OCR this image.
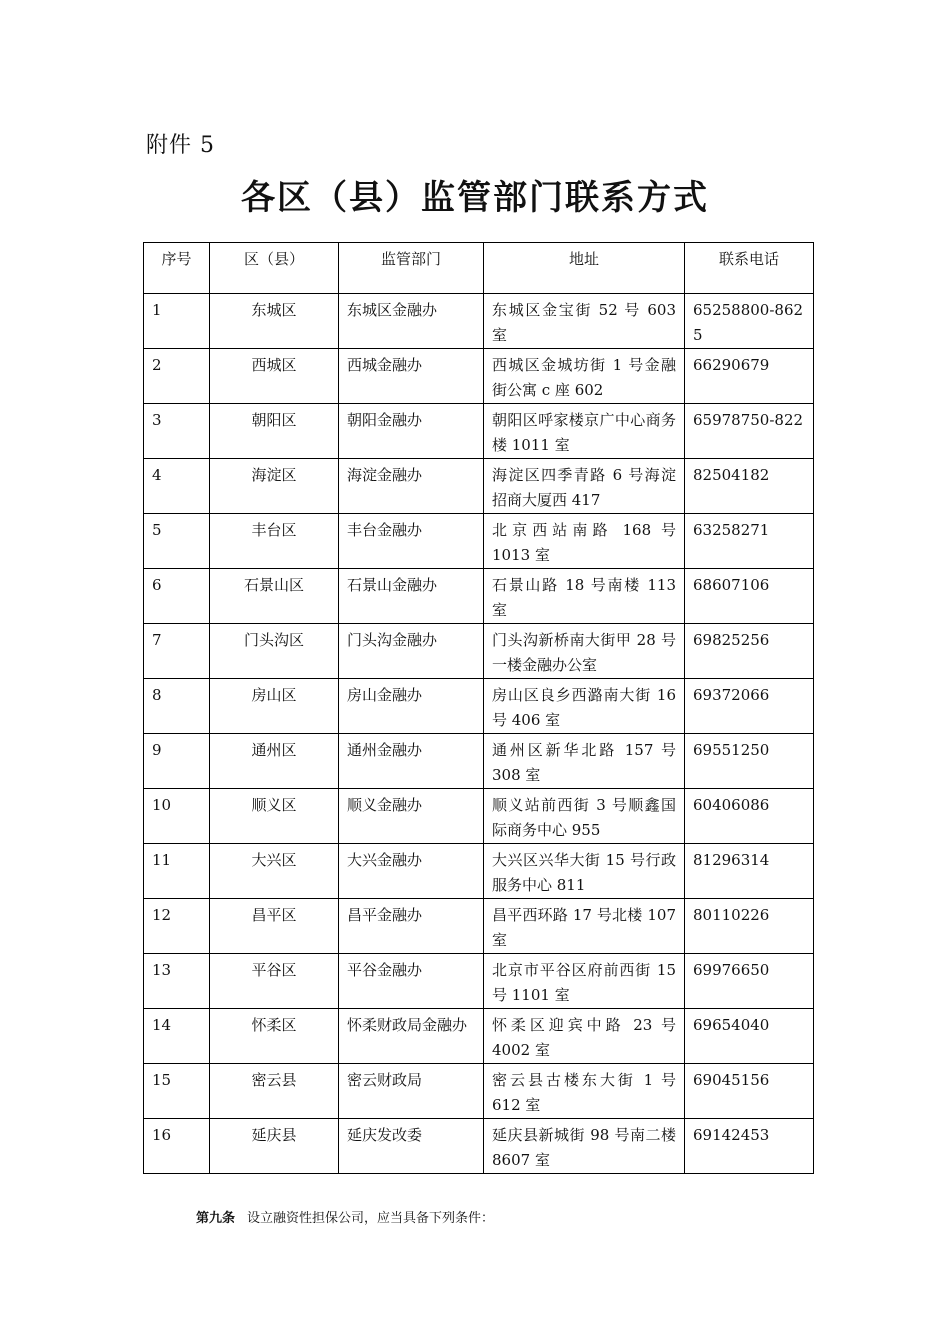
附件 5
各区（县）监管部门联系方式
序号	区（县）	监管部门	地址	联系电话
1	东城区	东城区金融办	东城区金宝街 52 号 603 室	65258800-8625
2	西城区	西城金融办	西城区金城坊街 1 号金融街公寓 c 座 602	66290679
3	朝阳区	朝阳金融办	朝阳区呼家楼京广中心商务楼 1011 室	65978750-822
4	海淀区	海淀金融办	海淀区四季青路 6 号海淀招商大厦西 417	82504182
5	丰台区	丰台金融办	北京西站南路 168 号 1013 室	63258271
6	石景山区	石景山金融办	石景山路 18 号南楼 113 室	68607106
7	门头沟区	门头沟金融办	门头沟新桥南大街甲 28 号一楼金融办公室	69825256
8	房山区	房山金融办	房山区良乡西潞南大街 16 号 406 室	69372066
9	通州区	通州金融办	通州区新华北路 157 号 308 室	69551250
10	顺义区	顺义金融办	顺义站前西街 3 号顺鑫国际商务中心 955	60406086
11	大兴区	大兴金融办	大兴区兴华大街 15 号行政服务中心 811	81296314
12	昌平区	昌平金融办	昌平西环路 17 号北楼 107 室	80110226
13	平谷区	平谷金融办	北京市平谷区府前西街 15 号 1101 室	69976650
14	怀柔区	怀柔财政局金融办	怀柔区迎宾中路 23 号 4002 室	69654040
15	密云县	密云财政局	密云县古楼东大街 1 号 612 室	69045156
16	延庆县	延庆发改委	延庆县新城街 98 号南二楼 8607 室	69142453
第九条 设立融资性担保公司，应当具备下列条件：
